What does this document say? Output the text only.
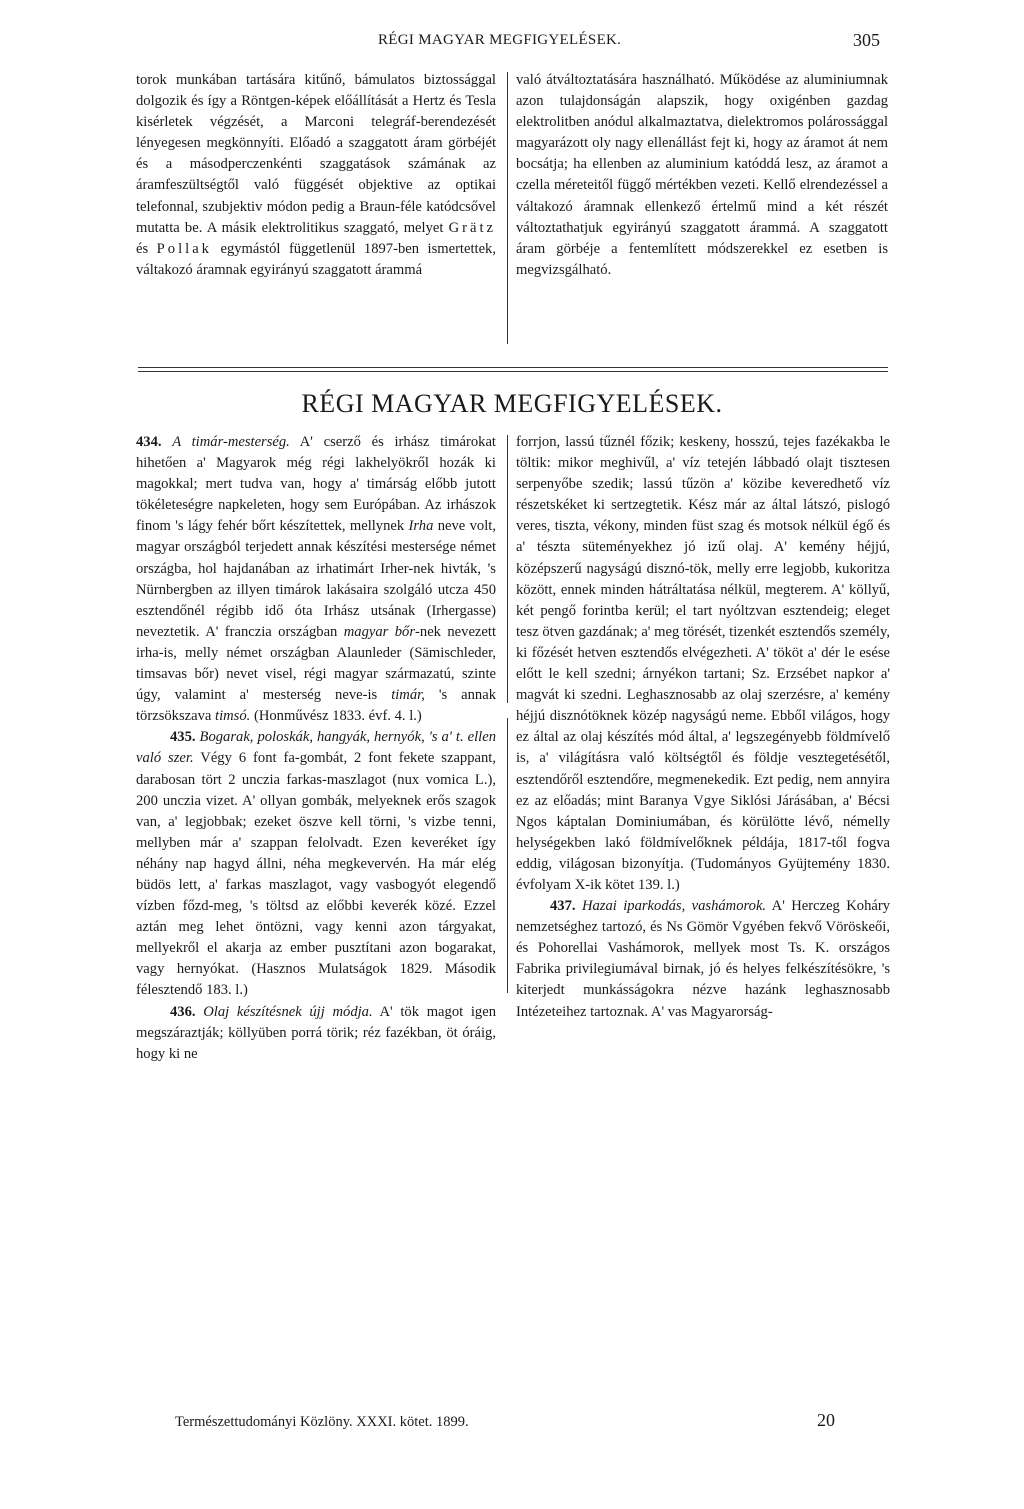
RÉGI MAGYAR MEGFIGYELÉSEK.	305

torok munkában tartására kitűnő, bámulatos biztossággal dolgozik és így a Röntgen-képek előállítását a Hertz és Tesla kisérletek végzését, a Marconi telegráf-berendezését lényegesen megkönnyíti. Előadó a szaggatott áram görbéjét és a másodperczenkénti szaggatások számának az áramfeszültségtől való függését objektive az optikai telefonnal, szubjektiv módon pedig a Braun-féle katódcsővel mutatta be. A másik elektrolitikus szaggató, melyet Grätz és Pollak egymástól függetlenül 1897-ben ismertettek, váltakozó áramnak egyirányú szaggatott árammá

való átváltoztatására használható. Működése az aluminiumnak azon tulajdonságán alapszik, hogy oxigénben gazdag elektrolitben anódul alkalmaztatva, dielektromos polárossággal magyarázott oly nagy ellenállást fejt ki, hogy az áramot át nem bocsátja; ha ellenben az aluminium katóddá lesz, az áramot a czella méreteitől függő mértékben vezeti. Kellő elrendezéssel a váltakozó áramnak ellenkező értelmű mind a két részét változtathatjuk egyirányú szaggatott árammá. A szaggatott áram görbéje a fentemlített módszerekkel ez esetben is megvizsgálható.

RÉGI MAGYAR MEGFIGYELÉSEK.

434. A timár-mesterség. A' cserző és irhász timárokat hihetően a' Magyarok még régi lakhelyökről hozák ki magokkal; mert tudva van, hogy a' timárság előbb jutott tökéleteségre napkeleten, hogy sem Európában. Az irhászok finom 's lágy fehér bőrt készítettek, mellynek Irha neve volt, magyar országból terjedett annak készítési mestersége német országba, hol hajdanában az irhatimárt Irher-nek hivták, 's Nürnbergben az illyen timárok lakásaira szolgáló utcza 450 esztendőnél régibb idő óta Irhász utsának (Irhergasse) neveztetik. A' franczia országban magyar bőr-nek nevezett irha-is, melly német országban Alaunleder (Sämischleder, timsavas bőr) nevet visel, régi magyar származatú, szinte úgy, valamint a' mesterség neve-is timár, 's annak törzsökszava timsó. (Honművész 1833. évf. 4. l.)

435. Bogarak, poloskák, hangyák, hernyók, 's a' t. ellen való szer. Végy 6 font fa-gombát, 2 font fekete szappant, darabosan tört 2 unczia farkas-maszlagot (nux vomica L.), 200 unczia vizet. A' ollyan gombák, melyeknek erős szagok van, a' legjobbak; ezeket öszve kell törni, 's vizbe tenni, mellyben már a' szappan felolvadt. Ezen keveréket így néhány nap hagyd állni, néha megkevervén. Ha már elég büdös lett, a' farkas maszlagot, vagy vasbogyót elegendő vízben főzd-meg, 's töltsd az előbbi keverék közé. Ezzel aztán meg lehet öntözni, vagy kenni azon tárgyakat, mellyekről el akarja az ember pusztítani azon bogarakat, vagy hernyókat. (Hasznos Mulatságok 1829. Második félesztendő 183. l.)

436. Olaj készítésnek újj módja. A' tök magot igen megszáraztják; köllyüben porrá törik; réz fazékban, öt óráig, hogy ki ne

forrjon, lassú tűznél főzik; keskeny, hosszú, tejes fazékakba le töltik: mikor meghivűl, a' víz tetején lábbadó olajt tisztesen serpenyőbe szedik; lassú tűzön a' közibe keveredhető víz részetskéket ki sertzegtetik. Kész már az által látszó, pislogó veres, tiszta, vékony, minden füst szag és motsok nélkül égő és a' tészta süteményekhez jó izű olaj. A' kemény héjjú, középszerű nagyságú disznó-tök, melly erre legjobb, kukoritza között, ennek minden hátráltatása nélkül, megterem. A' köllyű, két pengő forintba kerül; el tart nyóltzvan esztendeig; eleget tesz ötven gazdának; a' meg törését, tizenkét esztendős személy, ki főzését hetven esztendős elvégezheti. A' tököt a' dér le esése előtt le kell szedni; árnyékon tartani; Sz. Erzsébet napkor a' magvát ki szedni. Leghasznosabb az olaj szerzésre, a' kemény héjjú disznótöknek közép nagyságú neme. Ebből világos, hogy ez által az olaj készítés mód által, a' legszegényebb földmívelő is, a' világításra való költségtől és földje vesztegetésétől, esztendőről esztendőre, megmenekedik. Ezt pedig, nem annyira ez az előadás; mint Baranya Vgye Siklósi Járásában, a' Bécsi Ngos káptalan Dominiumában, és körülötte lévő, némelly helységekben lakó földmívelőknek példája, 1817-től fogva eddig, világosan bizonyítja. (Tudományos Gyüjtemény 1830. évfolyam X-ik kötet 139. l.)

437. Hazai iparkodás, vashámorok. A' Herczeg Koháry nemzetséghez tartozó, és Ns Gömör Vgyében fekvő Vöröskeői, és Pohorellai Vashámorok, mellyek most Ts. K. országos Fabrika privilegiumával birnak, jó és helyes felkészítésökre, 's kiterjedt munkásságokra nézve hazánk leghasznosabb Intézeteihez tartoznak. A' vas Magyarorság-

Természettudományi Közlöny. XXXI. kötet. 1899.	20
